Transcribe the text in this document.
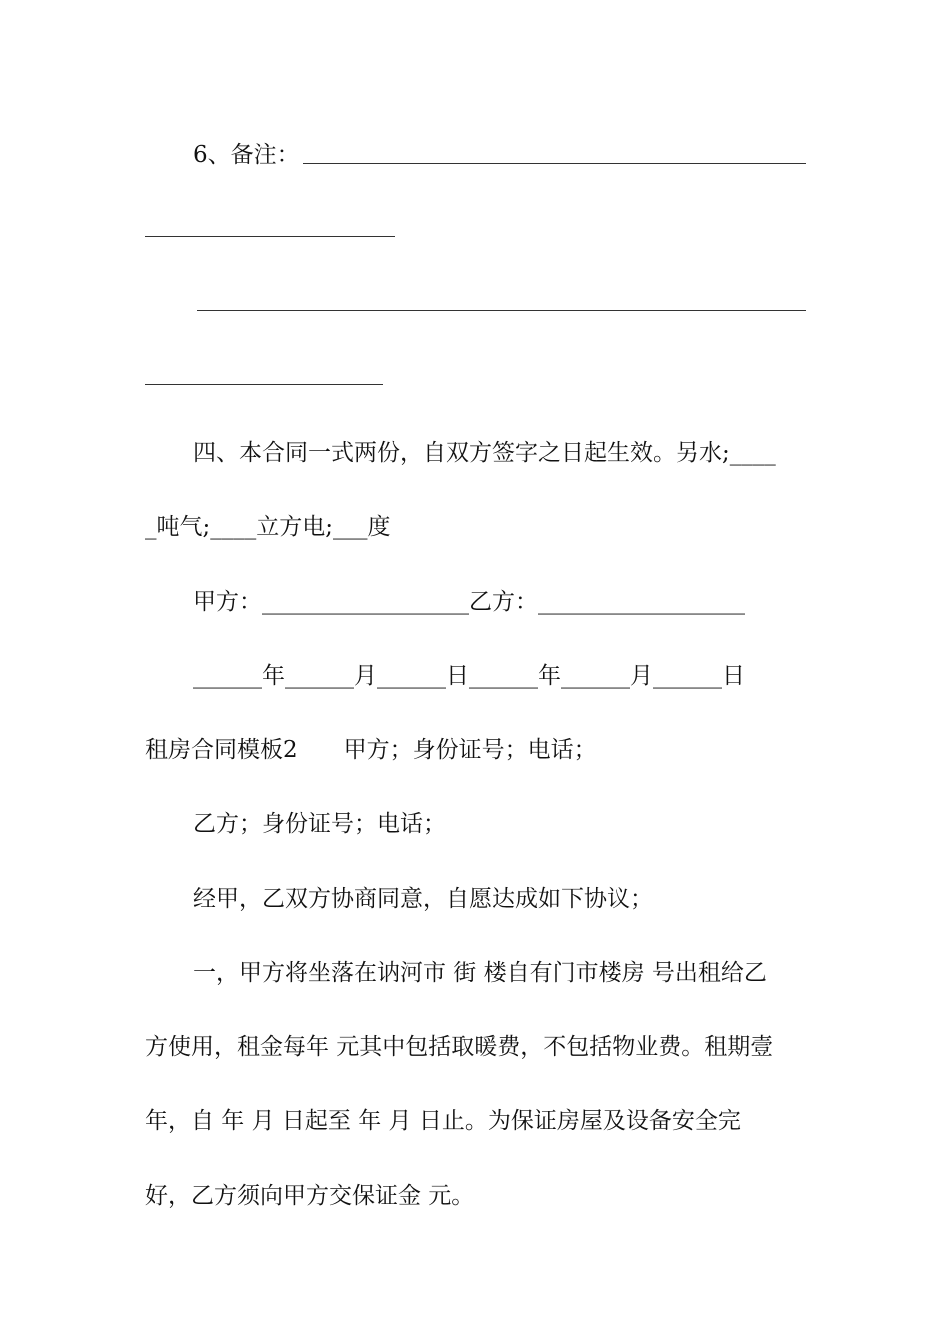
6、备注：
四、本合同一式两份，自双方签字之日起生效。另水;____
_吨气;____立方电;___度
甲方：__________________乙方：__________________
______年______月______日______年______月______日
租房合同模板2　　甲方；身份证号；电话；
乙方；身份证号；电话；
经甲，乙双方协商同意，自愿达成如下协议；
一，甲方将坐落在讷河市 街 楼自有门市楼房 号出租给乙
方使用，租金每年 元其中包括取暖费，不包括物业费。租期壹
年，自 年 月 日起至 年 月 日止。为保证房屋及设备安全完
好，乙方须向甲方交保证金 元。
